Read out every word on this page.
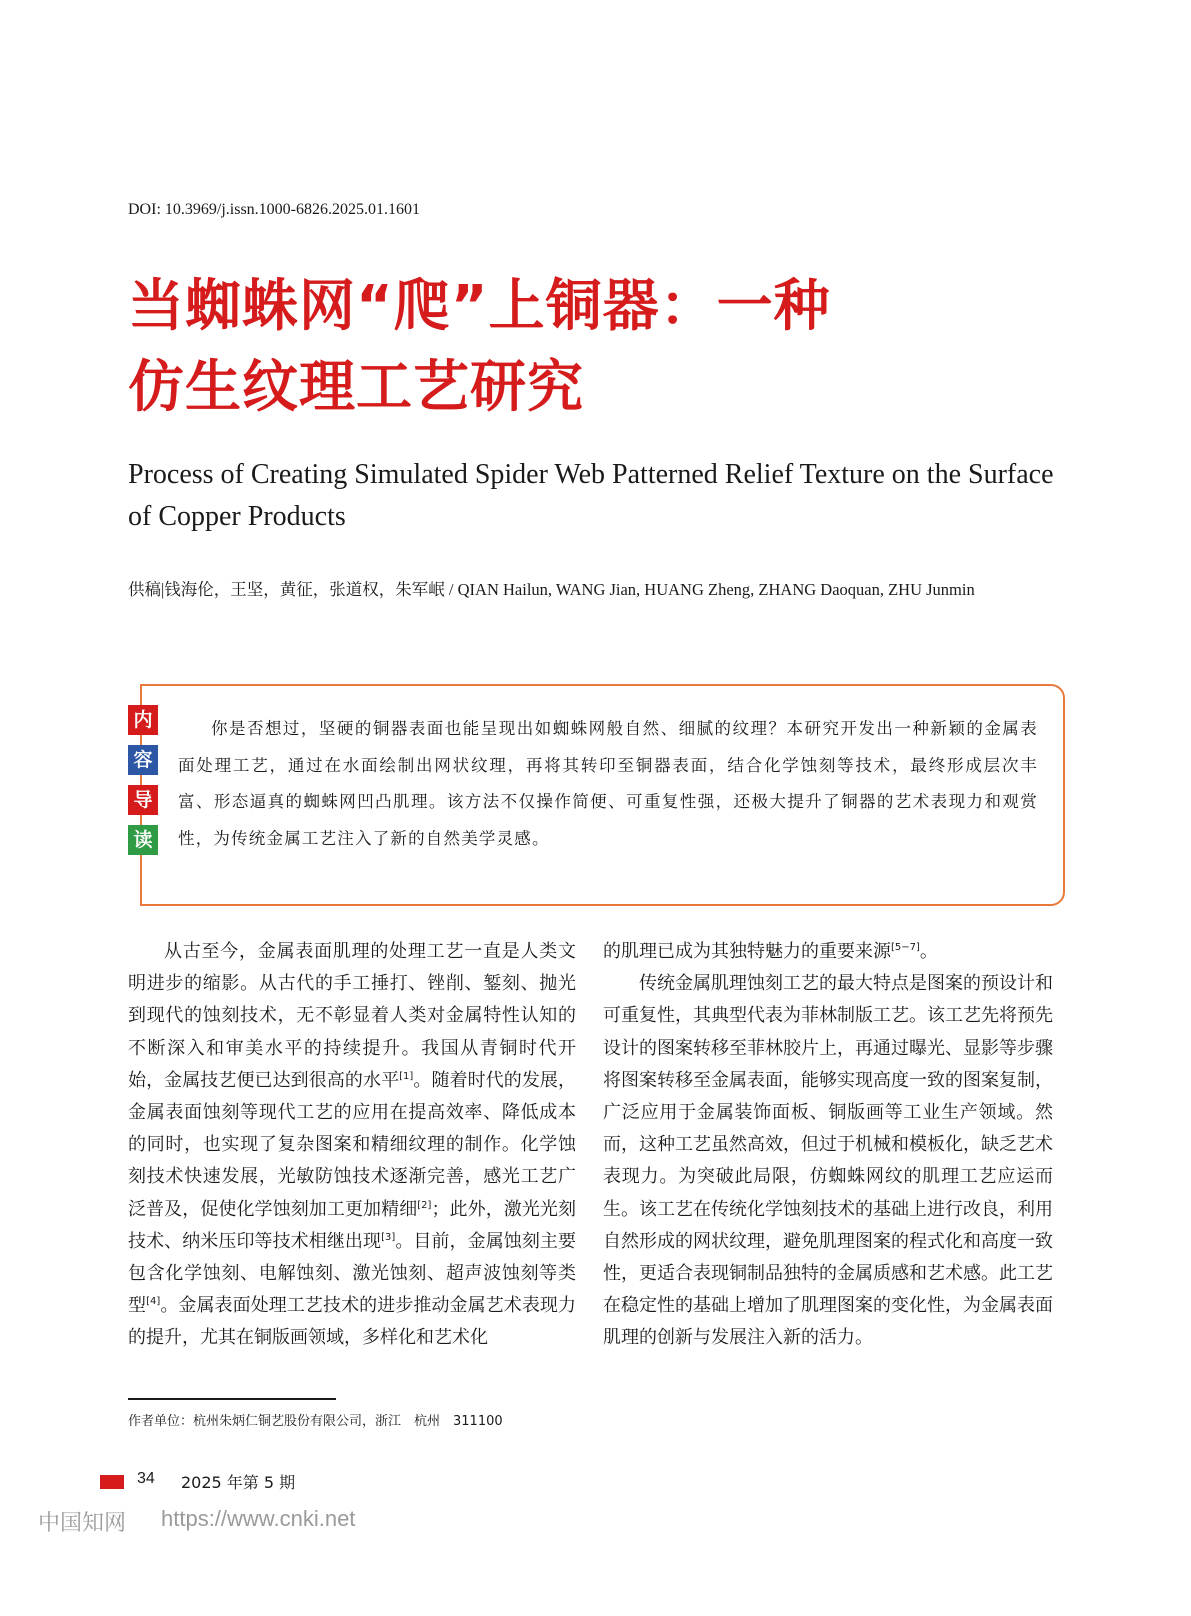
DOI: 10.3969/j.issn.1000-6826.2025.01.1601
当蜘蛛网“爬”上铜器：一种
仿生纹理工艺研究
Process of Creating Simulated Spider Web Patterned Relief Texture on the Surface of Copper Products
供稿|钱海伦，王坚，黄征，张道权，朱军岷 / QIAN Hailun, WANG Jian, HUANG Zheng, ZHANG Daoquan, ZHU Junmin
内
容
导
读
你是否想过，坚硬的铜器表面也能呈现出如蜘蛛网般自然、细腻的纹理？本研究开发出一种新颖的金属表面处理工艺，通过在水面绘制出网状纹理，再将其转印至铜器表面，结合化学蚀刻等技术，最终形成层次丰富、形态逼真的蜘蛛网凹凸肌理。该方法不仅操作简便、可重复性强，还极大提升了铜器的艺术表现力和观赏性，为传统金属工艺注入了新的自然美学灵感。

从古至今，金属表面肌理的处理工艺一直是人类文明进步的缩影。从古代的手工捶打、锉削、錾刻、抛光到现代的蚀刻技术，无不彰显着人类对金属特性认知的不断深入和审美水平的持续提升。我国从青铜时代开始，金属技艺便已达到很高的水平[1]。随着时代的发展，金属表面蚀刻等现代工艺的应用在提高效率、降低成本的同时，也实现了复杂图案和精细纹理的制作。化学蚀刻技术快速发展，光敏防蚀技术逐渐完善，感光工艺广泛普及，促使化学蚀刻加工更加精细[2]；此外，激光光刻技术、纳米压印等技术相继出现[3]。目前，金属蚀刻主要包含化学蚀刻、电解蚀刻、激光蚀刻、超声波蚀刻等类型[4]。金属表面处理工艺技术的进步推动金属艺术表现力的提升，尤其在铜版画领域，多样化和艺术化

的肌理已成为其独特魅力的重要来源[5−7]。

传统金属肌理蚀刻工艺的最大特点是图案的预设计和可重复性，其典型代表为菲林制版工艺。该工艺先将预先设计的图案转移至菲林胶片上，再通过曝光、显影等步骤将图案转移至金属表面，能够实现高度一致的图案复制，广泛应用于金属装饰面板、铜版画等工业生产领域。然而，这种工艺虽然高效，但过于机械和模板化，缺乏艺术表现力。为突破此局限，仿蜘蛛网纹的肌理工艺应运而生。该工艺在传统化学蚀刻技术的基础上进行改良，利用自然形成的网状纹理，避免肌理图案的程式化和高度一致性，更适合表现铜制品独特的金属质感和艺术感。此工艺在稳定性的基础上增加了肌理图案的变化性，为金属表面肌理的创新与发展注入新的活力。

作者单位：杭州朱炳仁铜艺股份有限公司，浙江　杭州　311100
34 2025 年第 5 期
中国知网 https://www.cnki.net
